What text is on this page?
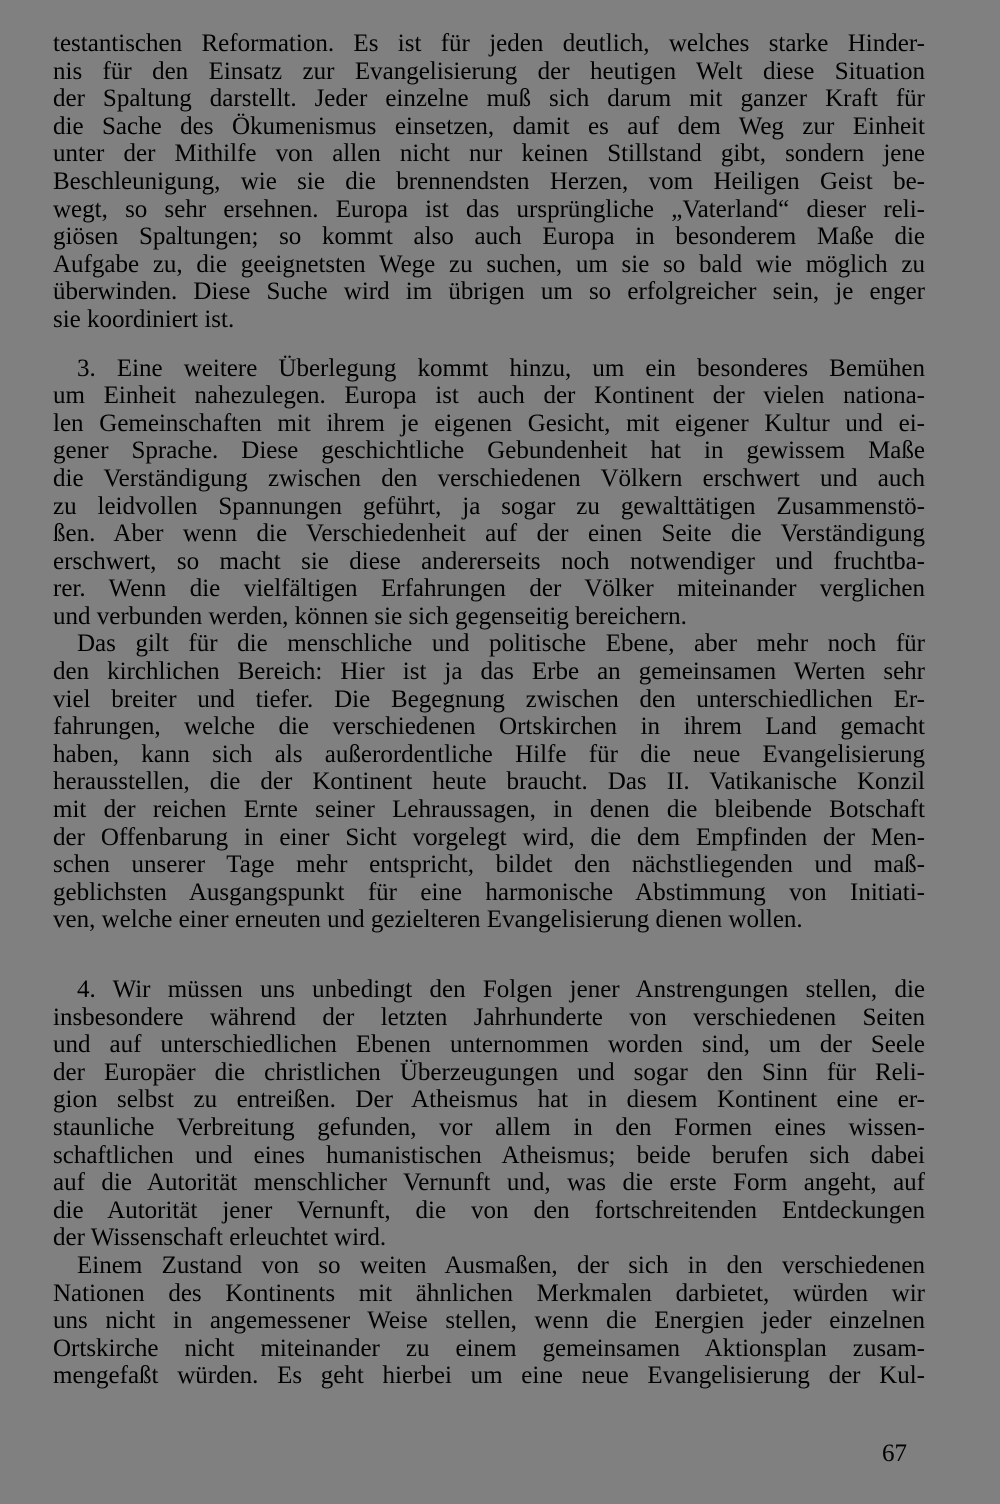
testantischen Reformation. Es ist für jeden deutlich, welches starke Hinder-
nis für den Einsatz zur Evangelisierung der heutigen Welt diese Situation
der Spaltung darstellt. Jeder einzelne muß sich darum mit ganzer Kraft für
die Sache des Ökumenismus einsetzen, damit es auf dem Weg zur Einheit
unter der Mithilfe von allen nicht nur keinen Stillstand gibt, sondern jene
Beschleunigung, wie sie die brennendsten Herzen, vom Heiligen Geist be-
wegt, so sehr ersehnen. Europa ist das ursprüngliche „Vaterland“ dieser reli-
giösen Spaltungen; so kommt also auch Europa in besonderem Maße die
Aufgabe zu, die geeignetsten Wege zu suchen, um sie so bald wie möglich zu
überwinden. Diese Suche wird im übrigen um so erfolgreicher sein, je enger
sie koordiniert ist.
3. Eine weitere Überlegung kommt hinzu, um ein besonderes Bemühen
um Einheit nahezulegen. Europa ist auch der Kontinent der vielen nationa-
len Gemeinschaften mit ihrem je eigenen Gesicht, mit eigener Kultur und ei-
gener Sprache. Diese geschichtliche Gebundenheit hat in gewissem Maße
die Verständigung zwischen den verschiedenen Völkern erschwert und auch
zu leidvollen Spannungen geführt, ja sogar zu gewalttätigen Zusammenstö-
ßen. Aber wenn die Verschiedenheit auf der einen Seite die Verständigung
erschwert, so macht sie diese andererseits noch notwendiger und fruchtba-
rer. Wenn die vielfältigen Erfahrungen der Völker miteinander verglichen
und verbunden werden, können sie sich gegenseitig bereichern.
Das gilt für die menschliche und politische Ebene, aber mehr noch für
den kirchlichen Bereich: Hier ist ja das Erbe an gemeinsamen Werten sehr
viel breiter und tiefer. Die Begegnung zwischen den unterschiedlichen Er-
fahrungen, welche die verschiedenen Ortskirchen in ihrem Land gemacht
haben, kann sich als außerordentliche Hilfe für die neue Evangelisierung
herausstellen, die der Kontinent heute braucht. Das II. Vatikanische Konzil
mit der reichen Ernte seiner Lehraussagen, in denen die bleibende Botschaft
der Offenbarung in einer Sicht vorgelegt wird, die dem Empfinden der Men-
schen unserer Tage mehr entspricht, bildet den nächstliegenden und maß-
geblichsten Ausgangspunkt für eine harmonische Abstimmung von Initiati-
ven, welche einer erneuten und gezielteren Evangelisierung dienen wollen.
4. Wir müssen uns unbedingt den Folgen jener Anstrengungen stellen, die
insbesondere während der letzten Jahrhunderte von verschiedenen Seiten
und auf unterschiedlichen Ebenen unternommen worden sind, um der Seele
der Europäer die christlichen Überzeugungen und sogar den Sinn für Reli-
gion selbst zu entreißen. Der Atheismus hat in diesem Kontinent eine er-
staunliche Verbreitung gefunden, vor allem in den Formen eines wissen-
schaftlichen und eines humanistischen Atheismus; beide berufen sich dabei
auf die Autorität menschlicher Vernunft und, was die erste Form angeht, auf
die Autorität jener Vernunft, die von den fortschreitenden Entdeckungen
der Wissenschaft erleuchtet wird.
Einem Zustand von so weiten Ausmaßen, der sich in den verschiedenen
Nationen des Kontinents mit ähnlichen Merkmalen darbietet, würden wir
uns nicht in angemessener Weise stellen, wenn die Energien jeder einzelnen
Ortskirche nicht miteinander zu einem gemeinsamen Aktionsplan zusam-
mengefaßt würden. Es geht hierbei um eine neue Evangelisierung der Kul-
67
